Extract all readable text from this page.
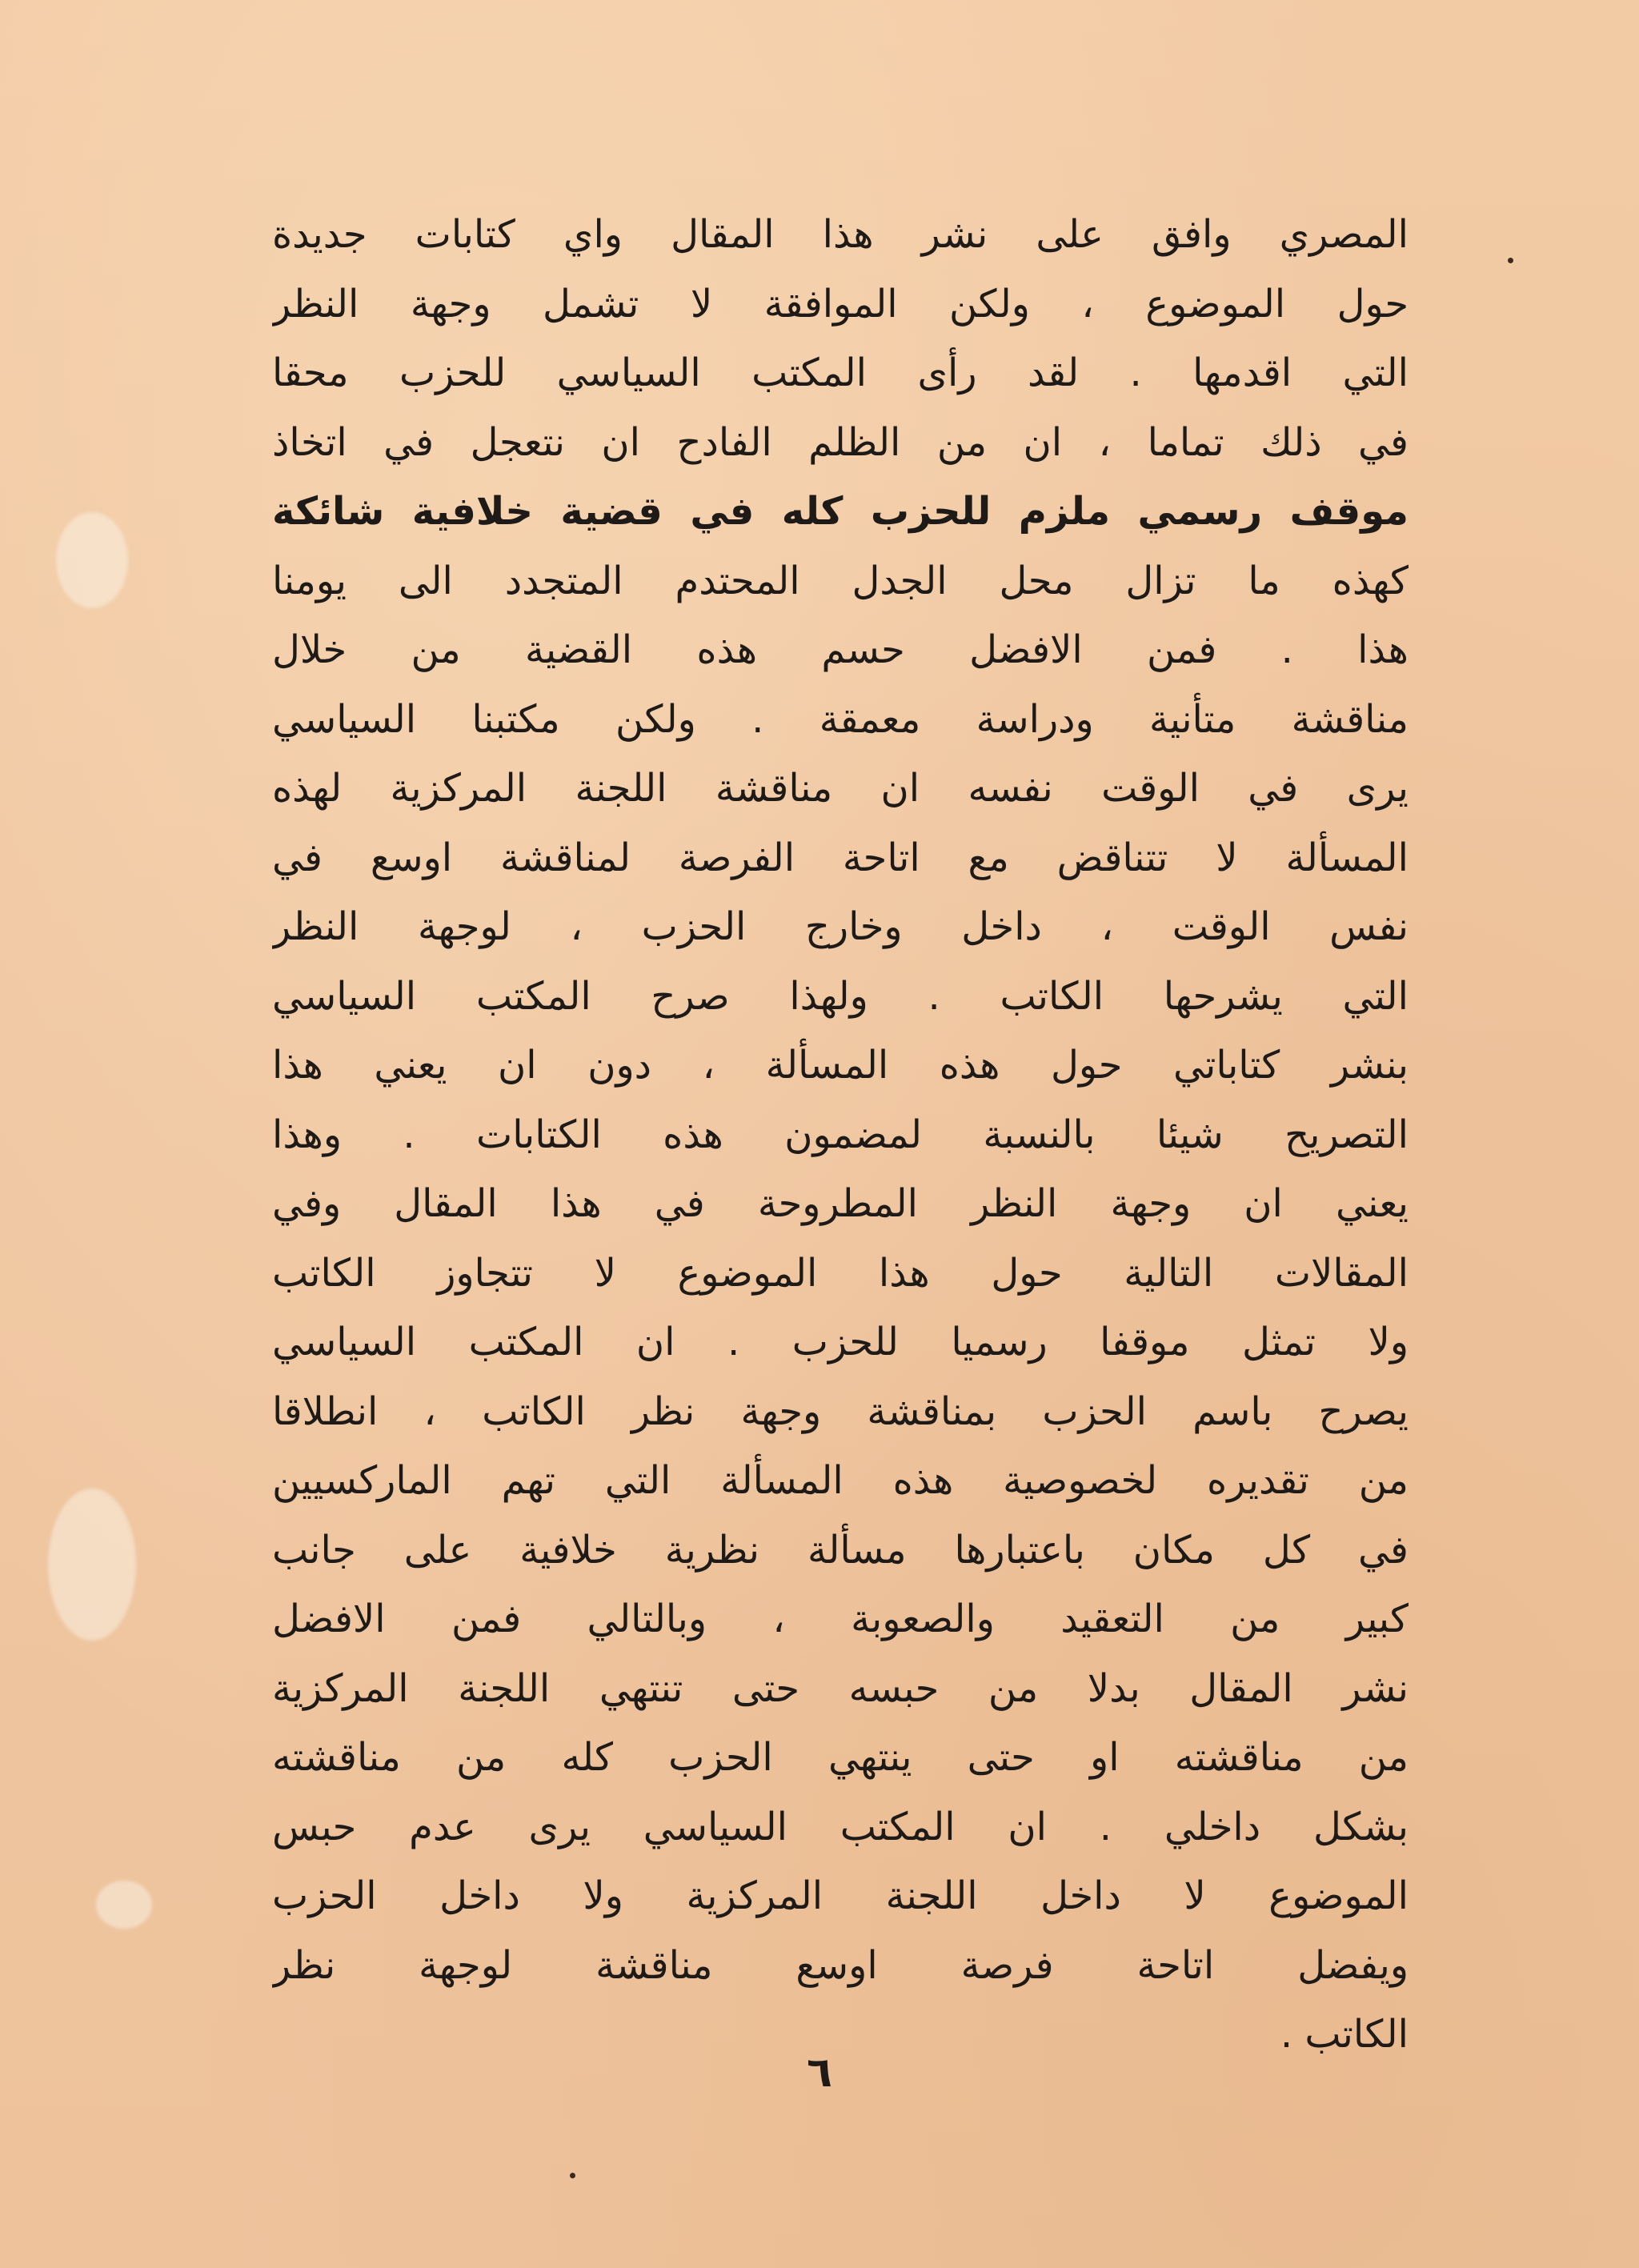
المصري وافق على نشر هذا المقال واي كتابات جديدة
حول الموضوع ، ولكن الموافقة لا تشمل وجهة النظر
التي اقدمها . لقد رأى المكتب السياسي للحزب محقا
في ذلك تماما ، ان من الظلم الفادح ان نتعجل في اتخاذ
موقف رسمي ملزم للحزب كله في قضية خلافية شائكة
كهذه ما تزال محل الجدل المحتدم المتجدد الى يومنا
هذا . فمن الافضل حسم هذه القضية من خلال
مناقشة متأنية ودراسة معمقة . ولكن مكتبنا السياسي
يرى في الوقت نفسه ان مناقشة اللجنة المركزية لهذه
المسألة لا تتناقض مع اتاحة الفرصة لمناقشة اوسع في
نفس الوقت ، داخل وخارج الحزب ، لوجهة النظر
التي يشرحها الكاتب . ولهذا صرح المكتب السياسي
بنشر كتاباتي حول هذه المسألة ، دون ان يعني هذا
التصريح شيئا بالنسبة لمضمون هذه الكتابات . وهذا
يعني ان وجهة النظر المطروحة في هذا المقال وفي
المقالات التالية حول هذا الموضوع لا تتجاوز الكاتب
ولا تمثل موقفا رسميا للحزب . ان المكتب السياسي
يصرح باسم الحزب بمناقشة وجهة نظر الكاتب ، انطلاقا
من تقديره لخصوصية هذه المسألة التي تهم الماركسيين
في كل مكان باعتبارها مسألة نظرية خلافية على جانب
كبير من التعقيد والصعوبة ، وبالتالي فمن الافضل
نشر المقال بدلا من حبسه حتى تنتهي اللجنة المركزية
من مناقشته او حتى ينتهي الحزب كله من مناقشته
بشكل داخلي . ان المكتب السياسي يرى عدم حبس
الموضوع لا داخل اللجنة المركزية ولا داخل الحزب
ويفضل اتاحة فرصة اوسع مناقشة لوجهة نظر
الكاتب .
٦
